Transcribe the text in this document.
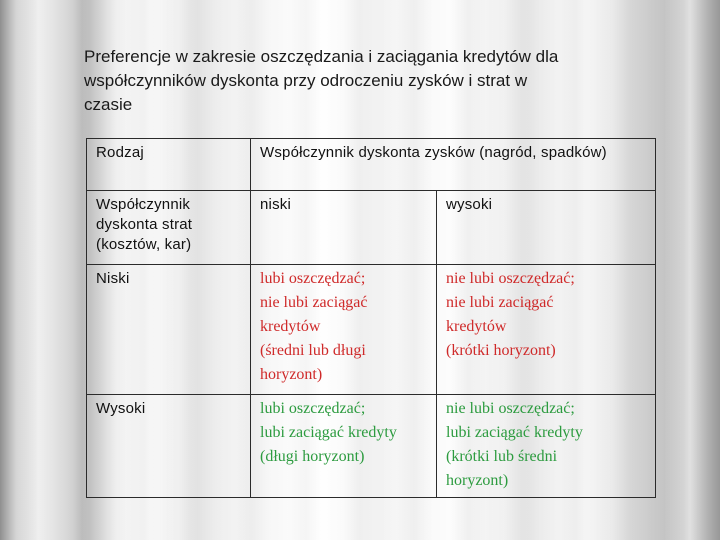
Preferencje w zakresie oszczędzania i zaciągania kredytów dla
współczynników dyskonta przy odroczeniu zysków i strat w
czasie
Rodzaj	Współczynnik dyskonta zysków (nagród, spadków)	

Współczynnik
dyskonta strat
(kosztów, kar)	niski	wysoki
Niski	lubi oszczędzać;
nie lubi zaciągać
kredytów
(średni lub długi
horyzont)	nie lubi oszczędzać;
nie lubi zaciągać
kredytów
(krótki horyzont)

Wysoki	lubi oszczędzać;
lubi zaciągać kredyty
(długi horyzont)	nie lubi oszczędzać;
lubi zaciągać kredyty
(krótki lub średni
horyzont)
